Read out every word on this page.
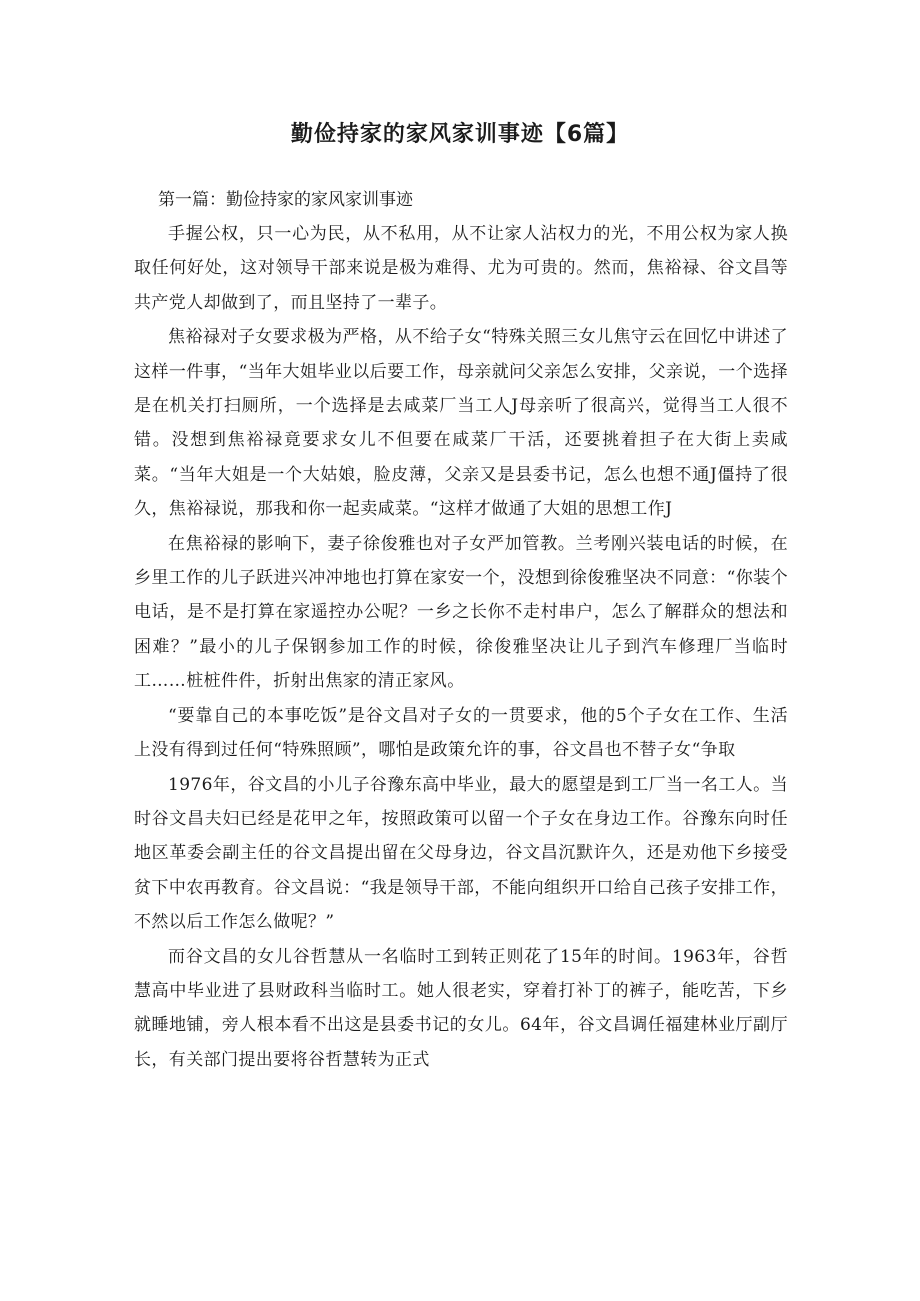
勤俭持家的家风家训事迹【6篇】
第一篇：勤俭持家的家风家训事迹

手握公权，只一心为民，从不私用，从不让家人沾权力的光，不用公权为家人换取任何好处，这对领导干部来说是极为难得、尤为可贵的。然而，焦裕禄、谷文昌等共产党人却做到了，而且坚持了一辈子。

焦裕禄对子女要求极为严格，从不给子女“特殊关照三女儿焦守云在回忆中讲述了这样一件事，“当年大姐毕业以后要工作，母亲就问父亲怎么安排，父亲说，一个选择是在机关打扫厕所，一个选择是去咸菜厂当工人J母亲听了很高兴，觉得当工人很不错。没想到焦裕禄竟要求女儿不但要在咸菜厂干活，还要挑着担子在大街上卖咸菜。“当年大姐是一个大姑娘，脸皮薄，父亲又是县委书记，怎么也想不通J僵持了很久，焦裕禄说，那我和你一起卖咸菜。“这样才做通了大姐的思想工作J

在焦裕禄的影响下，妻子徐俊雅也对子女严加管教。兰考刚兴装电话的时候，在乡里工作的儿子跃进兴冲冲地也打算在家安一个，没想到徐俊雅坚决不同意：“你装个电话，是不是打算在家遥控办公呢？一乡之长你不走村串户，怎么了解群众的想法和困难？”最小的儿子保钢参加工作的时候，徐俊雅坚决让儿子到汽车修理厂当临时工……桩桩件件，折射出焦家的清正家风。

“要靠自己的本事吃饭”是谷文昌对子女的一贯要求，他的5个子女在工作、生活上没有得到过任何“特殊照顾”，哪怕是政策允许的事，谷文昌也不替子女“争取

1976年，谷文昌的小儿子谷豫东高中毕业，最大的愿望是到工厂当一名工人。当时谷文昌夫妇已经是花甲之年，按照政策可以留一个子女在身边工作。谷豫东向时任地区革委会副主任的谷文昌提出留在父母身边，谷文昌沉默许久，还是劝他下乡接受贫下中农再教育。谷文昌说：“我是领导干部，不能向组织开口给自己孩子安排工作，不然以后工作怎么做呢？”

而谷文昌的女儿谷哲慧从一名临时工到转正则花了15年的时间。1963年，谷哲慧高中毕业进了县财政科当临时工。她人很老实，穿着打补丁的裤子，能吃苦，下乡就睡地铺，旁人根本看不出这是县委书记的女儿。64年，谷文昌调任福建林业厅副厅长，有关部门提出要将谷哲慧转为正式
